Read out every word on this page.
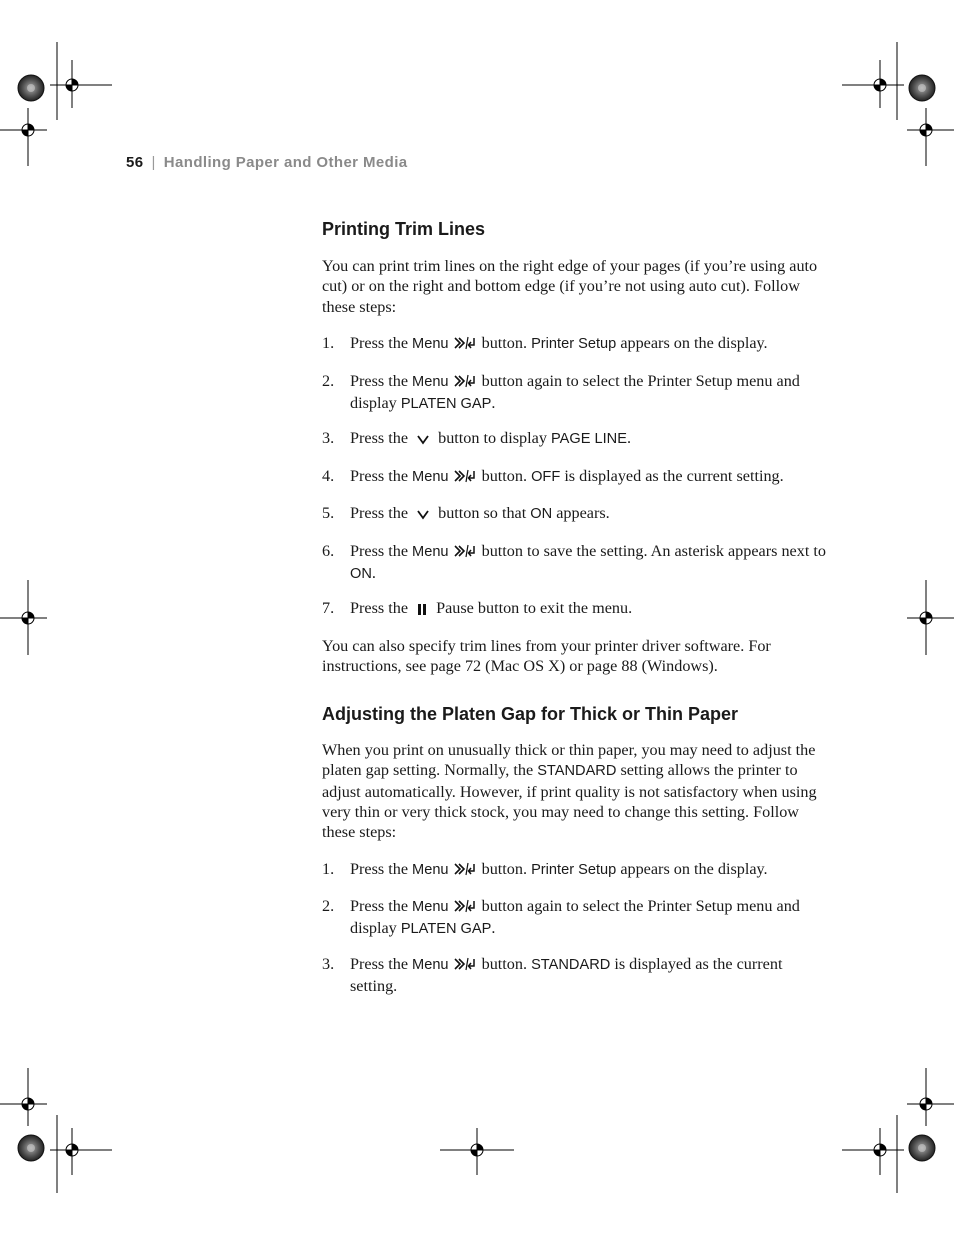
56 | Handling Paper and Other Media
Printing Trim Lines

You can print trim lines on the right edge of your pages (if you’re using auto cut) or on the right and bottom edge (if you’re not using auto cut). Follow these steps:

1. Press the Menu button. Printer Setup appears on the display.
2. Press the Menu button again to select the Printer Setup menu and display PLATEN GAP.
3. Press the  button to display PAGE LINE.
4. Press the Menu button. OFF is displayed as the current setting.
5. Press the  button so that ON appears.
6. Press the Menu button to save the setting. An asterisk appears next to ON.
7. Press the  Pause button to exit the menu.

You can also specify trim lines from your printer driver software. For instructions, see page 72 (Mac OS X) or page 88 (Windows).

Adjusting the Platen Gap for Thick or Thin Paper

When you print on unusually thick or thin paper, you may need to adjust the platen gap setting. Normally, the STANDARD setting allows the printer to adjust automatically. However, if print quality is not satisfactory when using very thin or very thick stock, you may need to change this setting. Follow these steps:

1. Press the Menu button. Printer Setup appears on the display.
2. Press the Menu button again to select the Printer Setup menu and display PLATEN GAP.
3. Press the Menu button. STANDARD is displayed as the current setting.
